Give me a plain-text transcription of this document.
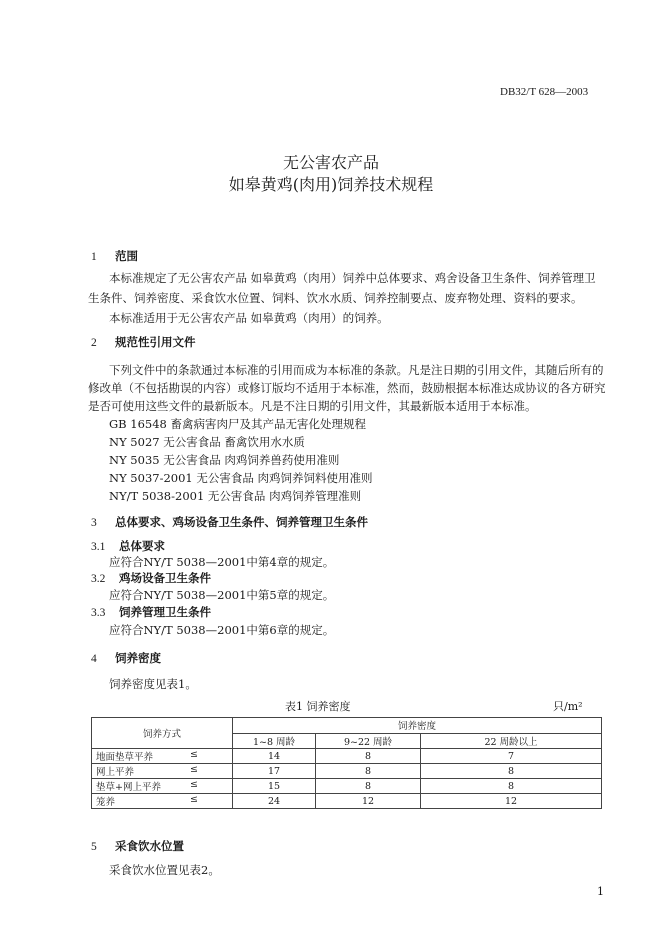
DB32/T 628—2003
无公害农产品
如皋黄鸡(肉用)饲养技术规程
1 范围
本标准规定了无公害农产品 如皋黄鸡（肉用）饲养中总体要求、鸡舍设备卫生条件、饲养管理卫
生条件、饲养密度、采食饮水位置、饲料、饮水水质、饲养控制要点、废弃物处理、资料的要求。
本标准适用于无公害农产品 如皋黄鸡（肉用）的饲养。
2 规范性引用文件
下列文件中的条款通过本标准的引用而成为本标准的条款。凡是注日期的引用文件，其随后所有的
修改单（不包括勘误的内容）或修订版均不适用于本标准，然而，鼓励根据本标准达成协议的各方研究
是否可使用这些文件的最新版本。凡是不注日期的引用文件，其最新版本适用于本标准。
GB 16548 畜禽病害肉尸及其产品无害化处理规程
NY 5027 无公害食品 畜禽饮用水水质
NY 5035 无公害食品 肉鸡饲养兽药使用准则
NY 5037-2001 无公害食品 肉鸡饲养饲料使用准则
NY/T 5038-2001 无公害食品 肉鸡饲养管理准则
3 总体要求、鸡场设备卫生条件、饲养管理卫生条件
3.1 总体要求
应符合NY/T 5038—2001中第4章的规定。
3.2 鸡场设备卫生条件
应符合NY/T 5038—2001中第5章的规定。
3.3 饲养管理卫生条件
应符合NY/T 5038—2001中第6章的规定。
4 饲养密度
饲养密度见表1。
表1 饲养密度	只/m²
饲养方式	饲养密度		
	1~8 周龄	9~22 周龄	22 周龄以上
地面垫草平养 ≤	14	8	7
网上平养 ≤	17	8	8
垫草+网上平养 ≤	15	8	8
笼养 ≤	24	12	12
5 采食饮水位置
采食饮水位置见表2。
1
